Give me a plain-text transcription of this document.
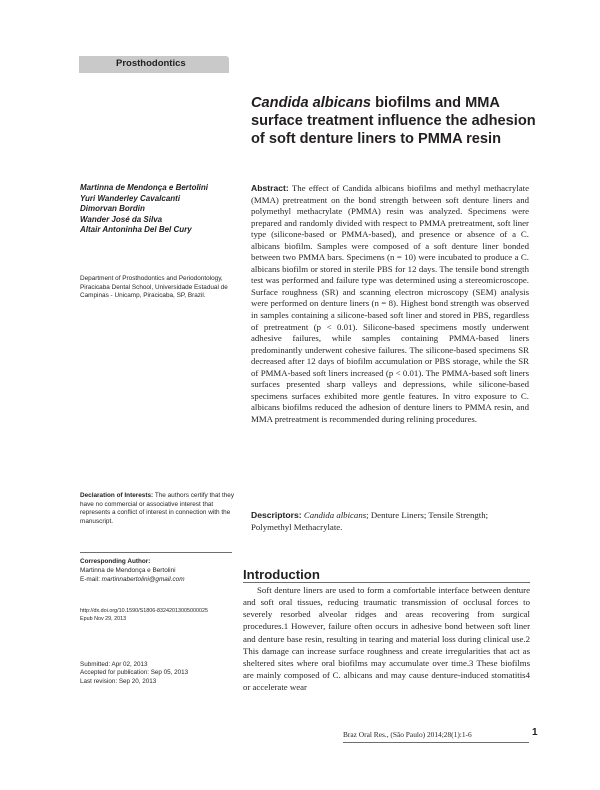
Prosthodontics
Candida albicans biofilms and MMA surface treatment influence the adhesion of soft denture liners to PMMA resin
Martinna de Mendonça e Bertolini
Yuri Wanderley Cavalcanti
Dimorvan Bordin
Wander José da Silva
Altair Antoninha Del Bel Cury
Department of Prosthodontics and Periodontology, Piracicaba Dental School, Universidade Estadual de Campinas - Unicamp, Piracicaba, SP, Brazil.
Declaration of Interests: The authors certify that they have no commercial or associative interest that represents a conflict of interest in connection with the manuscript.
Corresponding Author:
Martinna de Mendonça e Bertolini
E-mail: martinnabertolini@gmail.com
http://dx.doi.org/10.1590/S1806-83242013005000025
Epub Nov 29, 2013
Submitted: Apr 02, 2013
Accepted for publication: Sep 05, 2013
Last revision: Sep 20, 2013
Abstract: The effect of Candida albicans biofilms and methyl methacrylate (MMA) pretreatment on the bond strength between soft denture liners and polymethyl methacrylate (PMMA) resin was analyzed. Specimens were prepared and randomly divided with respect to PMMA pretreatment, soft liner type (silicone-based or PMMA-based), and presence or absence of a C. albicans biofilm. Samples were composed of a soft denture liner bonded between two PMMA bars. Specimens (n = 10) were incubated to produce a C. albicans biofilm or stored in sterile PBS for 12 days. The tensile bond strength test was performed and failure type was determined using a stereomicroscope. Surface roughness (SR) and scanning electron microscopy (SEM) analysis were performed on denture liners (n = 8). Highest bond strength was observed in samples containing a silicone-based soft liner and stored in PBS, regardless of pretreatment (p < 0.01). Silicone-based specimens mostly underwent adhesive failures, while samples containing PMMA-based liners predominantly underwent cohesive failures. The silicone-based specimens SR decreased after 12 days of biofilm accumulation or PBS storage, while the SR of PMMA-based soft liners increased (p < 0.01). The PMMA-based soft liners surfaces presented sharp valleys and depressions, while silicone-based specimens surfaces exhibited more gentle features. In vitro exposure to C. albicans biofilms reduced the adhesion of denture liners to PMMA resin, and MMA pretreatment is recommended during relining procedures.
Descriptors: Candida albicans; Denture Liners; Tensile Strength; Polymethyl Methacrylate.
Introduction
Soft denture liners are used to form a comfortable interface between denture and soft oral tissues, reducing traumatic transmission of occlusal forces to severely resorbed alveolar ridges and areas recovering from surgical procedures.1 However, failure often occurs in adhesive bond between soft liner and denture base resin, resulting in tearing and material loss during clinical use.2 This damage can increase surface roughness and create irregularities that act as sheltered sites where oral biofilms may accumulate over time.3 These biofilms are mainly composed of C. albicans and may cause denture-induced stomatitis4 or accelerate wear
Braz Oral Res., (São Paulo) 2014;28(1):1-6	1
